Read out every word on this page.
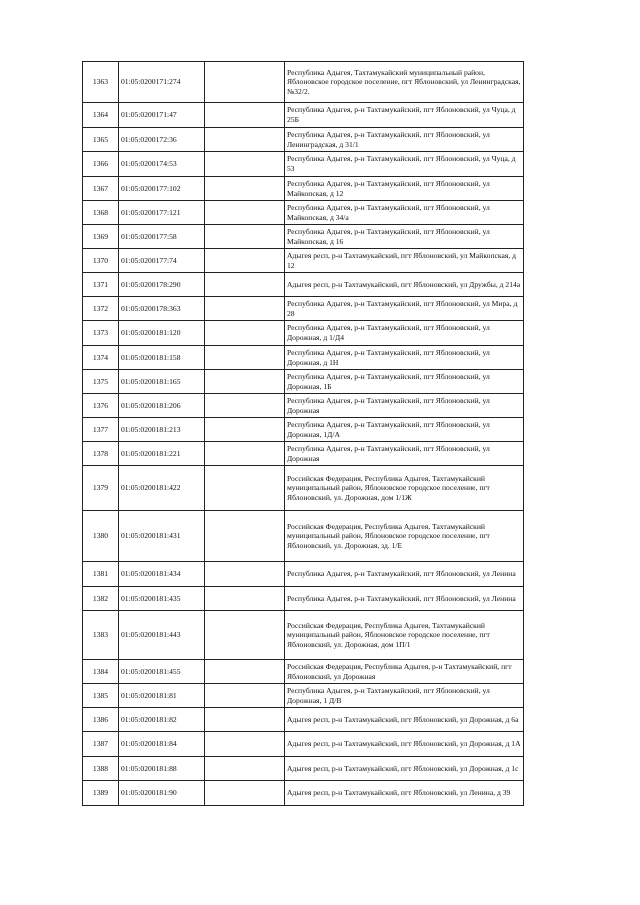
1363	01:05:0200171:274		Республика Адыгея, Тахтамукайский муниципальный район, Яблоновское городское поселение, пгт Яблоновский, ул Ленинградская, №32/2.
1364	01:05:0200171:47		Республика Адыгея, р-н Тахтамукайский, пгт Яблоновский, ул Чуца, д 25Б
1365	01:05:0200172:36		Республика Адыгея, р-н Тахтамукайский, пгт Яблоновский, ул Ленинградская, д 31/1
1366	01:05:0200174:53		Республика Адыгея, р-н Тахтамукайский, пгт Яблоновский, ул Чуца, д 53
1367	01:05:0200177:102		Республика Адыгея, р-н Тахтамукайский, пгт Яблоновский, ул Майкопская, д 12
1368	01:05:0200177:121		Республика Адыгея, р-н Тахтамукайский, пгт Яблоновский, ул Майкопская, д 34/а
1369	01:05:0200177:58		Республика Адыгея, р-н Тахтамукайский, пгт Яблоновский, ул Майкопская, д 16
1370	01:05:0200177:74		Адыгея респ, р-н Тахтамукайский, пгт Яблоновский, ул Майкопская, д 12
1371	01:05:0200178:290		Адыгея респ, р-н Тахтамукайский, пгт Яблоновский, ул Дружбы, д 214а
1372	01:05:0200178:363		Республика Адыгея, р-н Тахтамукайский, пгт Яблоновский, ул Мира, д 28
1373	01:05:0200181:120		Республика Адыгея, р-н Тахтамукайский, пгт Яблоновский, ул Дорожная, д 1/Д4
1374	01:05:0200181:158		Республика Адыгея, р-н Тахтамукайский, пгт Яблоновский, ул Дорожная, д 1Н
1375	01:05:0200181:165		Республика Адыгея, р-н Тахтамукайский, пгт Яблоновский, ул Дорожная, 1Б
1376	01:05:0200181:206		Республика Адыгея, р-н Тахтамукайский, пгт Яблоновский, ул Дорожная
1377	01:05:0200181:213		Республика Адыгея, р-н Тахтамукайский, пгт Яблоновский, ул Дорожная, 1Д/А
1378	01:05:0200181:221		Республика Адыгея, р-н Тахтамукайский, пгт Яблоновский, ул Дорожная
1379	01:05:0200181:422		Российская Федерация, Республика Адыгея, Тахтамукайский муниципальный район, Яблоновское городское поселение, пгт Яблоновский, ул. Дорожная, дом 1/1Ж
1380	01:05:0200181:431		Российская Федерация, Республика Адыгея, Тахтамукайский муниципальный район, Яблоновское городское поселение, пгт Яблоновский, ул. Дорожная, зд. 1/Е
1381	01:05:0200181:434		Республика Адыгея, р-н Тахтамукайский, пгт Яблоновский, ул Ленина
1382	01:05:0200181:435		Республика Адыгея, р-н Тахтамукайский, пгт Яблоновский, ул Ленина
1383	01:05:0200181:443		Российская Федерация, Республика Адыгея, Тахтамукайский муниципальный район, Яблоновское городское поселение, пгт Яблоновский, ул. Дорожная, дом 1П/1
1384	01:05:0200181:455		Российская Федерация, Республика Адыгея, р-н Тахтамукайский, пгт Яблоновский, ул Дорожная
1385	01:05:0200181:81		Республика Адыгея, р-н Тахтамукайский, пгт Яблоновский, ул Дорожная, 1 Д/В
1386	01:05:0200181:82		Адыгея респ, р-н Тахтамукайский, пгт Яблоновский, ул Дорожная, д 6а
1387	01:05:0200181:84		Адыгея респ, р-н Тахтамукайский, пгт Яблоновский, ул Дорожная, д 1А
1388	01:05:0200181:88		Адыгея респ, р-н Тахтамукайский, пгт Яблоновский, ул Дорожная, д 1с
1389	01:05:0200181:90		Адыгея респ, р-н Тахтамукайский, пгт Яблоновский, ул Ленина, д 39
